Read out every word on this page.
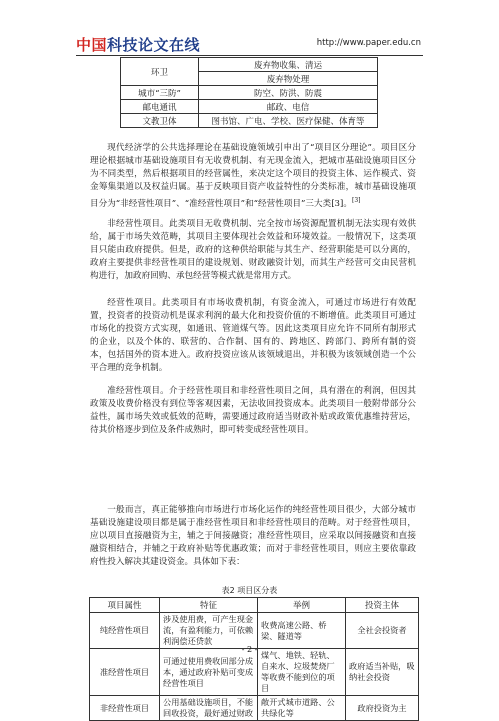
中国科技论文在线	http://www.paper.edu.cn
环卫	废弃物收集、清运
	废弃物处理
城市“三防”	防空、防洪、防震
邮电通讯	邮政、电信
文教卫体	图书馆、广电、学校、医疗保健、体育等

现代经济学的公共选择理论在基础设施领域引申出了“项目区分理论”。项目区分理论根据城市基础设施项目有无收费机制、有无现金流入，把城市基础设施项目区分为不同类型，然后根据项目的经营属性，来决定这个项目的投资主体、运作模式、资金筹集渠道以及权益归属。基于反映项目资产收益特性的分类标准，城市基础设施项目分为“非经营性项目”、“准经营性项目”和“经营性项目”三大类[3]。[3]

非经营性项目。此类项目无收费机制、完全按市场资源配置机制无法实现有效供给，属于市场失效范畴，其项目主要体现社会效益和环境效益。一般情况下，这类项目只能由政府提供。但是，政府的这种供给职能与其生产、经营职能是可以分离的，政府主要提供非经营性项目的建设规划、财政融资计划，而其生产经营可交由民营机构进行，加政府回购、承包经营等模式就是常用方式。

经营性项目。此类项目有市场收费机制，有资金流入，可通过市场进行有效配置，投资者的投资动机是谋求利润的最大化和投资价值的不断增值。此类项目可通过市场化的投资方式实现，如通讯、管道煤气等。因此这类项目应允许不同所有制形式的企业，以及个体的、联营的、合作制、国有的、跨地区、跨部门、跨所有制的资本，包括国外的资本进入。政府投资应该从该领域退出，并积极为该领域创造一个公平合理的竞争机制。

准经营性项目。介于经营性项目和非经营性项目之间，具有潜在的利润，但因其政策及收费价格没有到位等客观因素，无法收回投资成本。此类项目一般附带部分公益性，属市场失效或低效的范畴，需要通过政府适当财政补贴或政策优惠维持营运，待其价格逐步到位及条件成熟时，即可转变成经营性项目。

一般而言，真正能够推向市场进行市场化运作的纯经营性项目很少，大部分城市基础设施建设项目都是属于准经营性项目和非经营性项目的范畴。对于经营性项目，应以项目直接融资为主，辅之于间接融资；准经营性项目，应采取以间接融资和直接融资相结合，并辅之于政府补贴等优惠政策；而对于非经营性项目，则应主要依靠政府性投入解决其建设资金。具体如下表：

表2 项目区分表
项目属性	特征	举例	投资主体
纯经营性项目	涉及使用费，可产生现金流，有盈利能力，可依赖利润偿还贷款	收费高速公路、桥梁、隧道等	全社会投资者
准经营性项目	可通过使用费收回部分成本，通过政府补贴可变成经营性项目	煤气、地铁、轻轨、自来水、垃圾焚烧厂等收费不能到位的项目	政府适当补贴，吸纳社会投资
非经营性项目	公用基础设施项目，不能回收投资，最好通过财政	敞开式城市道路、公共绿化等	政府投资为主
- 2 -
